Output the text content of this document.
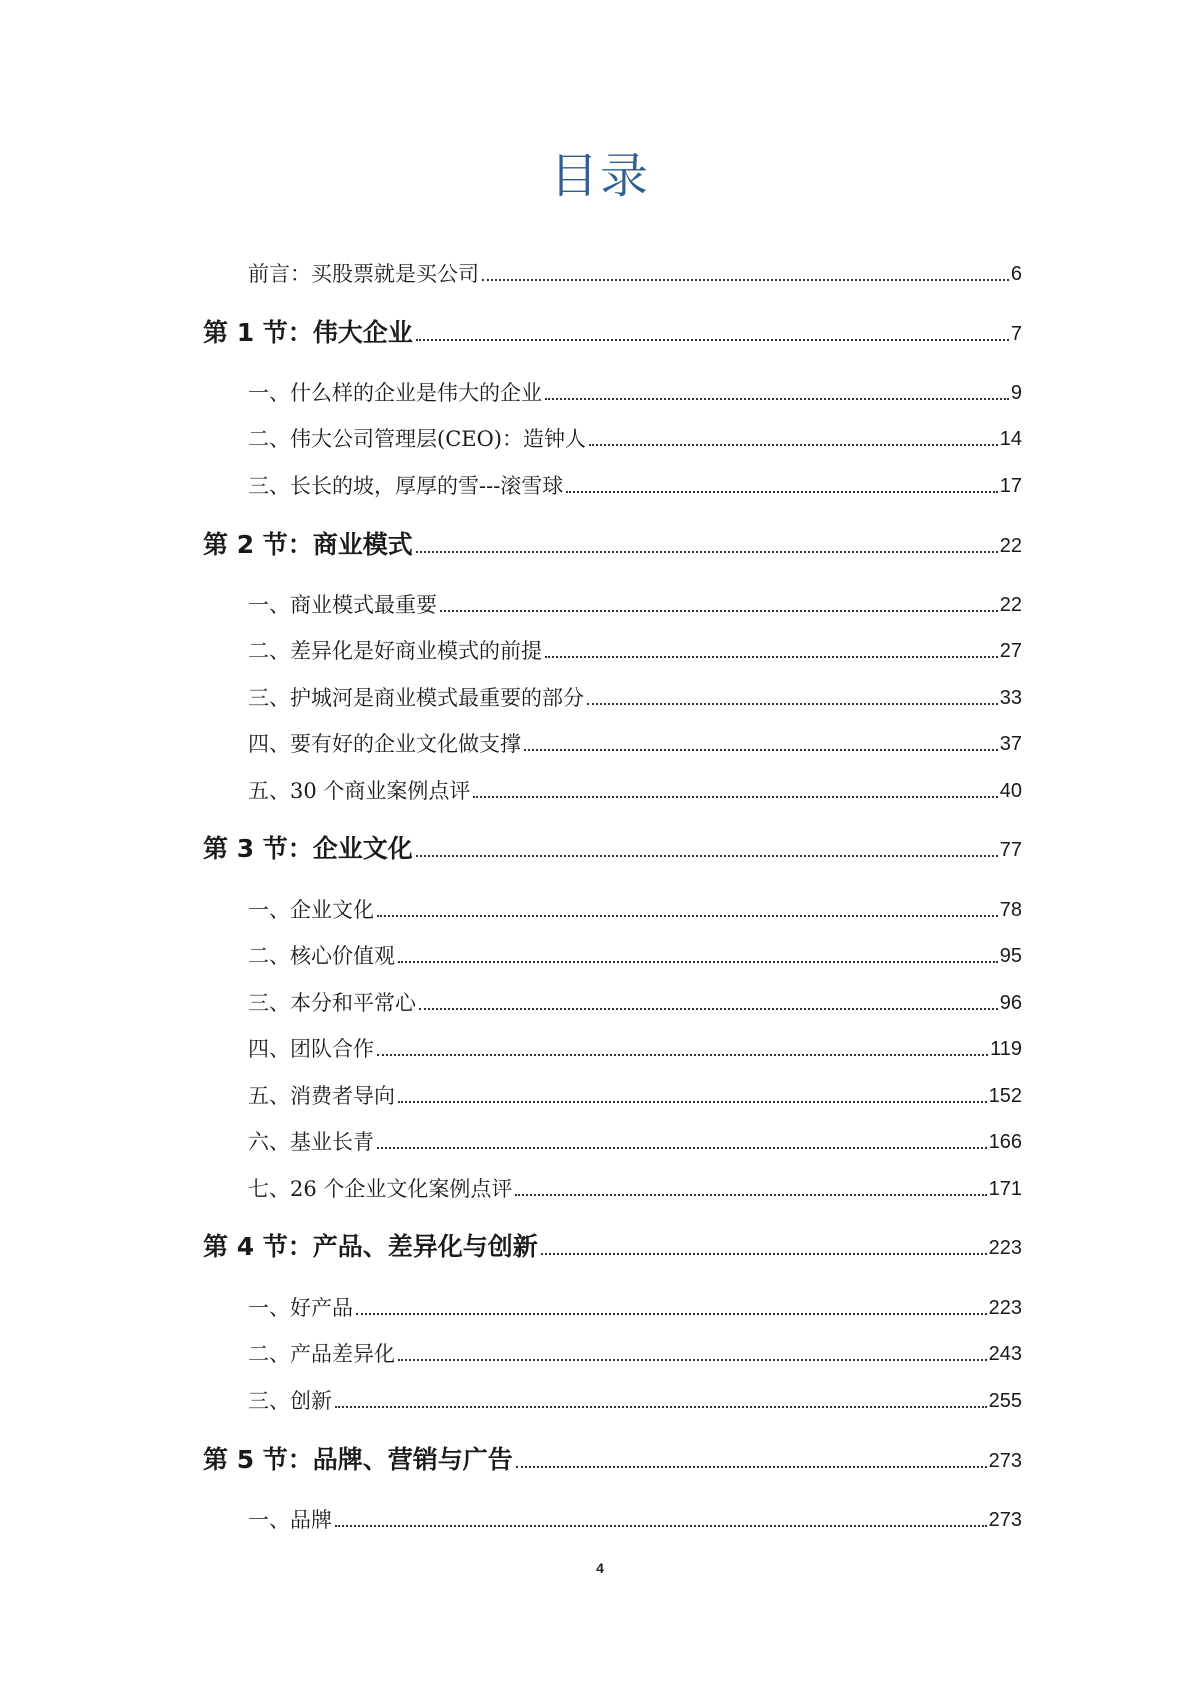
目录
前言：买股票就是买公司	6
第 1 节：伟大企业	7
一、什么样的企业是伟大的企业	9
二、伟大公司管理层(CEO)：造钟人	14
三、长长的坡，厚厚的雪---滚雪球	17
第 2 节：商业模式	22
一、商业模式最重要	22
二、差异化是好商业模式的前提	27
三、护城河是商业模式最重要的部分	33
四、要有好的企业文化做支撑	37
五、30 个商业案例点评	40
第 3 节：企业文化	77
一、企业文化	78
二、核心价值观	95
三、本分和平常心	96
四、团队合作	119
五、消费者导向	152
六、基业长青	166
七、26 个企业文化案例点评	171
第 4 节：产品、差异化与创新	223
一、好产品	223
二、产品差异化	243
三、创新	255
第 5 节：品牌、营销与广告	273
一、品牌	273
4
